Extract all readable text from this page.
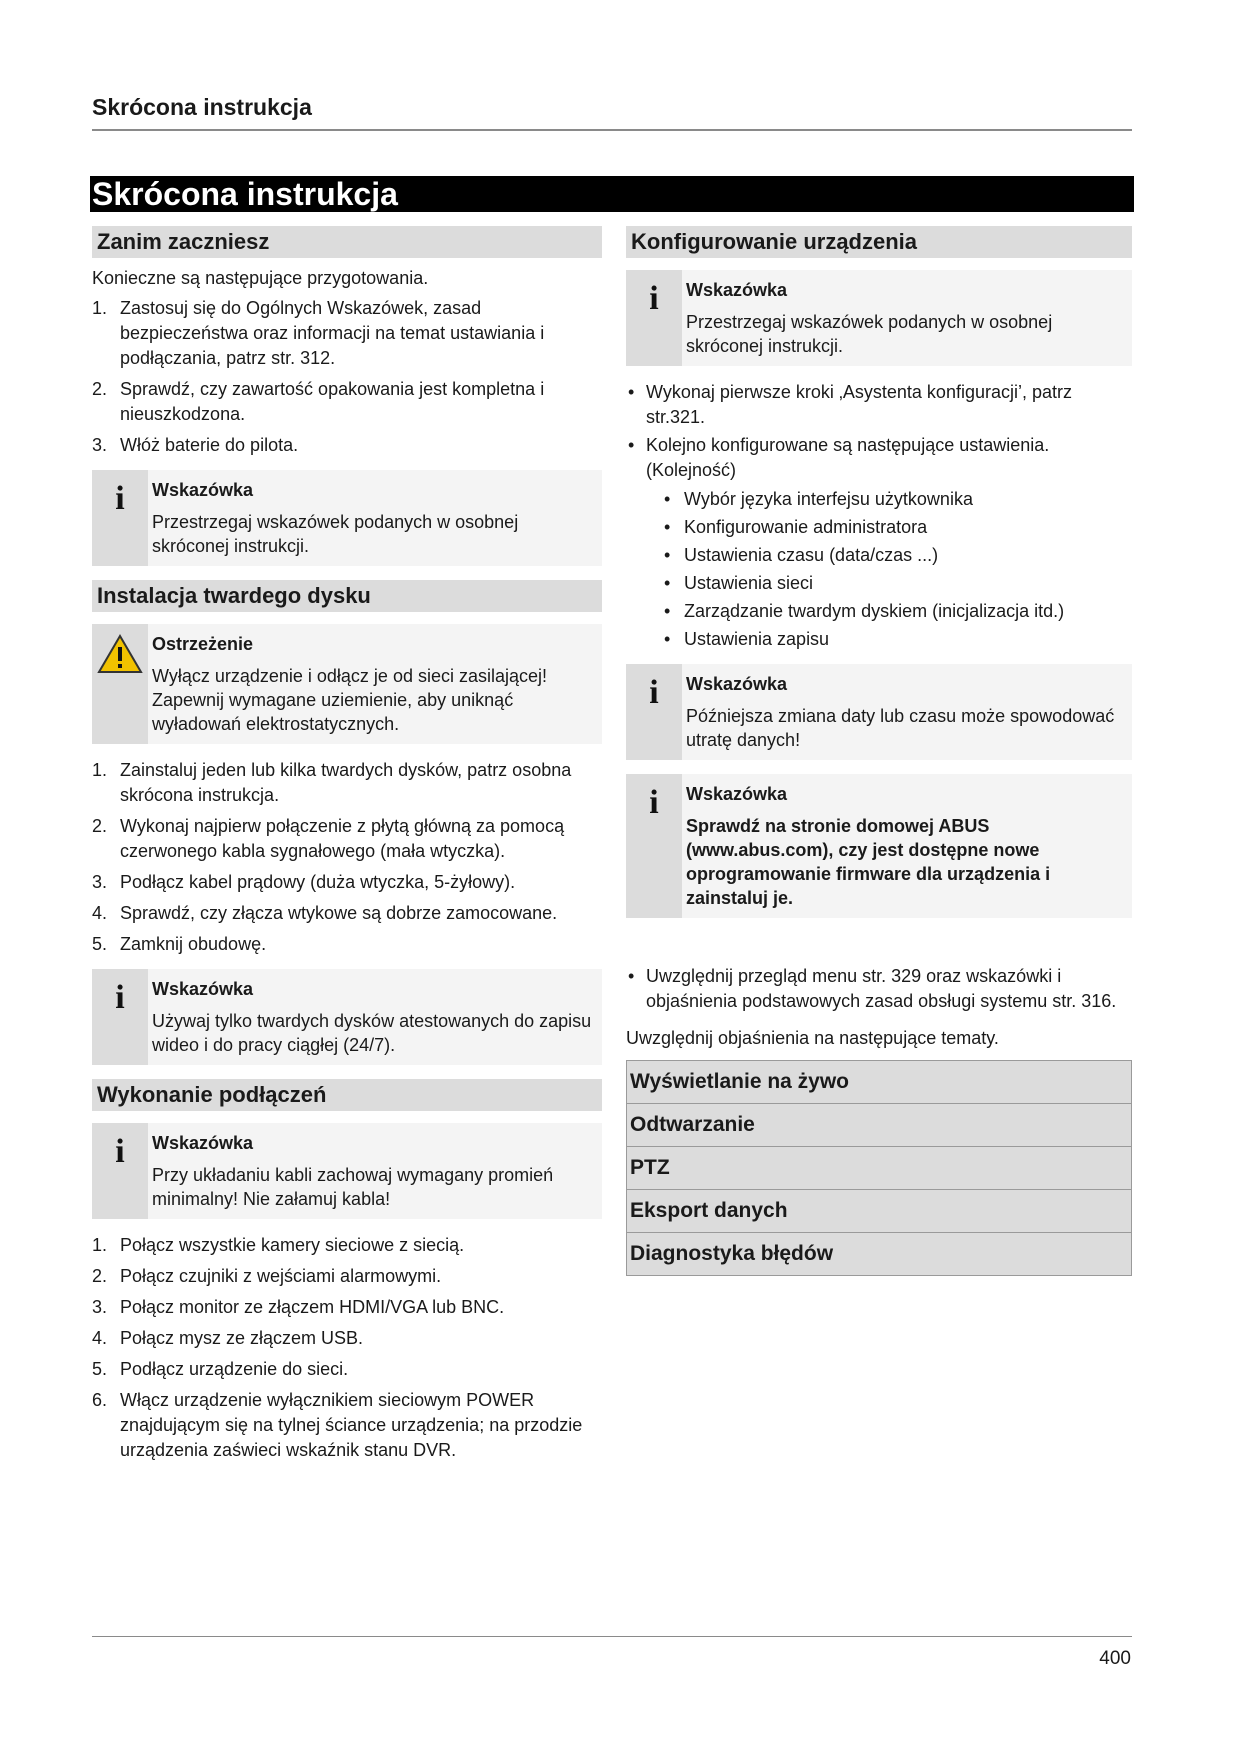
Skrócona instrukcja
Skrócona instrukcja
Zanim zaczniesz

Konieczne są następujące przygotowania.

1. Zastosuj się do Ogólnych Wskazówek, zasad bezpieczeństwa oraz informacji na temat ustawiania i podłączania, patrz str. 312.
2. Sprawdź, czy zawartość opakowania jest kompletna i nieuszkodzona.
3. Włóż baterie do pilota.
i Wskazówka
Przestrzegaj wskazówek podanych w osobnej skróconej instrukcji.
Instalacja twardego dysku
Ostrzeżenie
Wyłącz urządzenie i odłącz je od sieci zasilającej! Zapewnij wymagane uziemienie, aby uniknąć wyładowań elektrostatycznych.
1. Zainstaluj jeden lub kilka twardych dysków, patrz osobna skrócona instrukcja.
2. Wykonaj najpierw połączenie z płytą główną za pomocą czerwonego kabla sygnałowego (mała wtyczka).
3. Podłącz kabel prądowy (duża wtyczka, 5-żyłowy).
4. Sprawdź, czy złącza wtykowe są dobrze zamocowane.
5. Zamknij obudowę.
i Wskazówka
Używaj tylko twardych dysków atestowanych do zapisu wideo i do pracy ciągłej (24/7).
Wykonanie podłączeń
i Wskazówka
Przy układaniu kabli zachowaj wymagany promień minimalny! Nie załamuj kabla!
1. Połącz wszystkie kamery sieciowe z siecią.
2. Połącz czujniki z wejściami alarmowymi.
3. Połącz monitor ze złączem HDMI/VGA lub BNC.
4. Połącz mysz ze złączem USB.
5. Podłącz urządzenie do sieci.
6. Włącz urządzenie wyłącznikiem sieciowym POWER znajdującym się na tylnej ściance urządzenia; na przodzie urządzenia zaświeci wskaźnik stanu DVR.
Konfigurowanie urządzenia
i Wskazówka
Przestrzegaj wskazówek podanych w osobnej skróconej instrukcji.
• Wykonaj pierwsze kroki ‚Asystenta konfiguracji’, patrz str.321.
• Kolejno konfigurowane są następujące ustawienia. (Kolejność)
• Wybór języka interfejsu użytkownika
• Konfigurowanie administratora
• Ustawienia czasu (data/czas ...)
• Ustawienia sieci
• Zarządzanie twardym dyskiem (inicjalizacja itd.)
• Ustawienia zapisu
i Wskazówka
Późniejsza zmiana daty lub czasu może spowodować utratę danych!
i Wskazówka
Sprawdź na stronie domowej ABUS (www.abus.com), czy jest dostępne nowe oprogramowanie firmware dla urządzenia i zainstaluj je.
• Uwzględnij przegląd menu str. 329 oraz wskazówki i objaśnienia podstawowych zasad obsługi systemu str. 316.

Uwzględnij objaśnienia na następujące tematy.

Wyświetlanie na żywo
Odtwarzanie
PTZ
Eksport danych
Diagnostyka błędów
400
